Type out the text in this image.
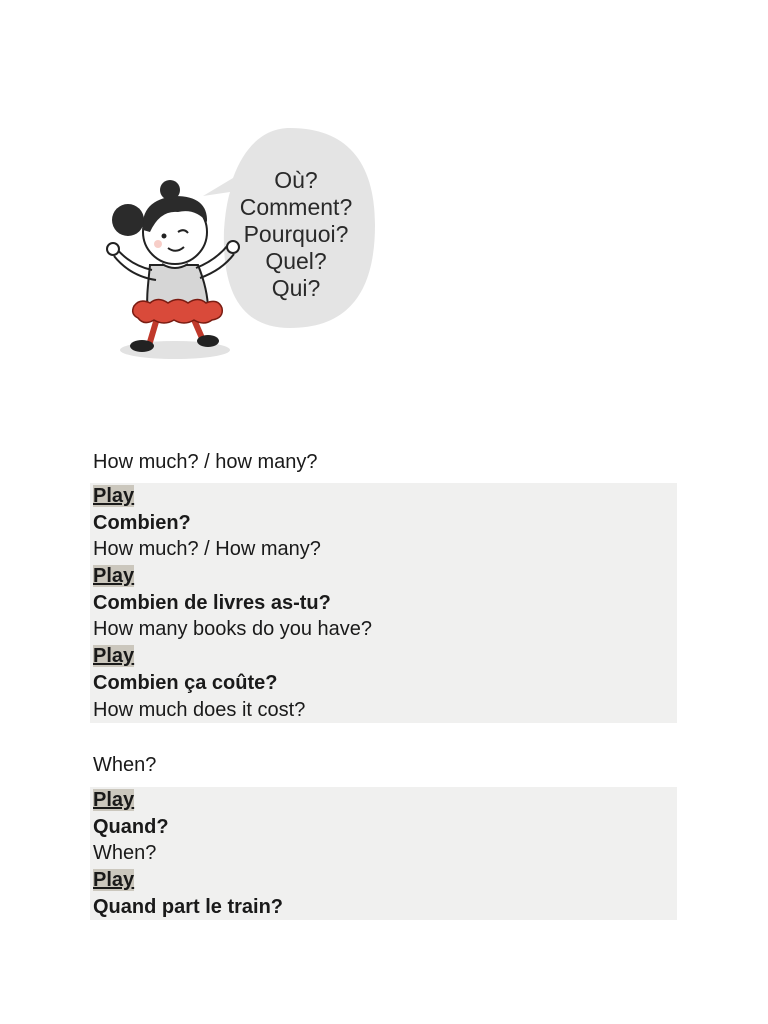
Où?
Comment?
Pourquoi?
Quel?
Qui?
How much? / how many?
Play
Combien?
How much? / How many?
Play
Combien de livres as-tu?
How many books do you have?
Play
Combien ça coûte?
How much does it cost?
When?
Play
Quand?
When?
Play
Quand part le train?
